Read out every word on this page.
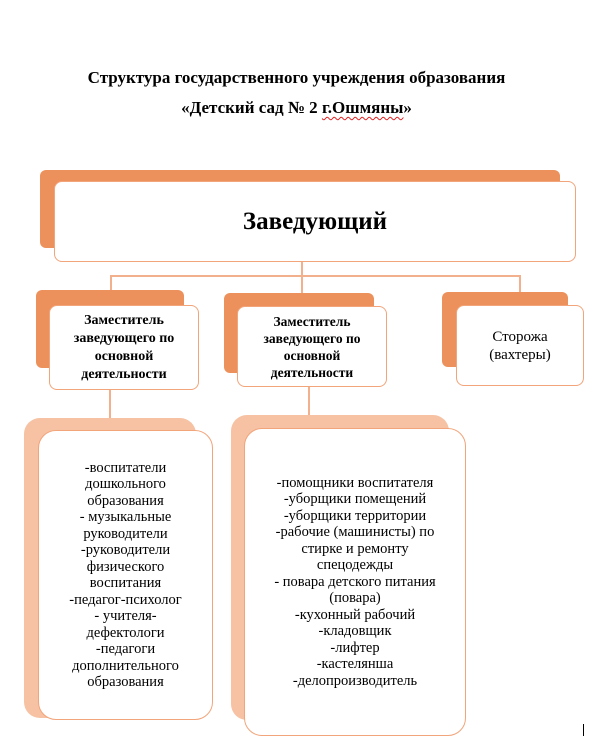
Структура государственного учреждения образования
«Детский сад № 2 г.Ошмяны»
Заведующий
Заместитель заведующего по основной деятельности
Заместитель заведующего по основной деятельности
Сторожа (вахтеры)
-воспитатели
дошкольного
образования
- музыкальные
руководители
-руководители
физического
воспитания
-педагог-психолог
- учителя-
дефектологи
-педагоги
дополнительного
образования
-помощники воспитателя
-уборщики помещений
-уборщики территории
-рабочие (машинисты) по
стирке и ремонту
спецодежды
- повара детского питания
(повара)
-кухонный рабочий
-кладовщик
-лифтер
-кастелянша
-делопроизводитель
